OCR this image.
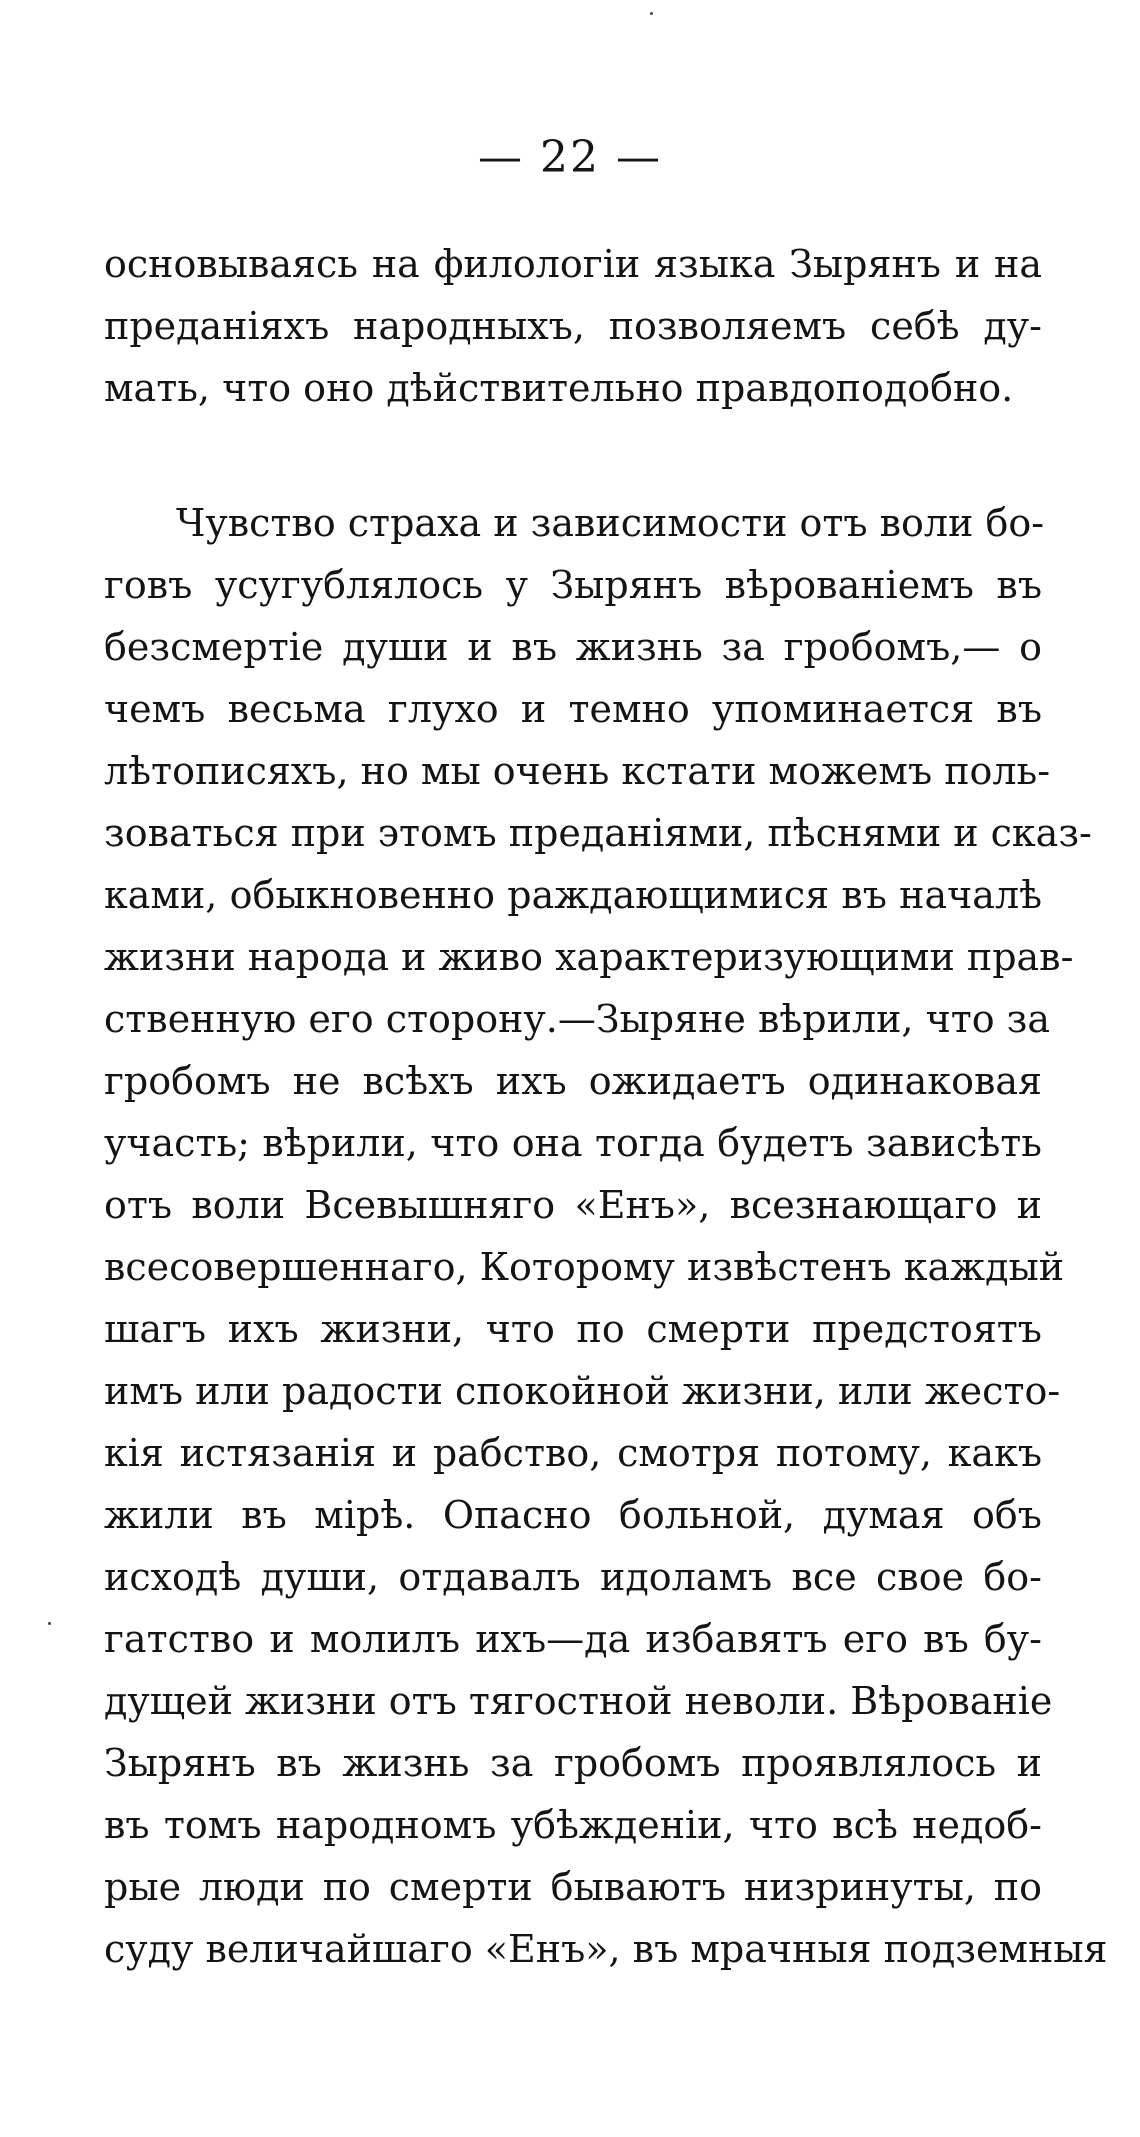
— 22 —
основываясь на филологіи языка Зырянъ и на
преданіяхъ народныхъ, позволяемъ себѣ ду-
мать, что оно дѣйствительно правдоподобно.
Чувство страха и зависимости отъ воли бо-
говъ усугублялось у Зырянъ вѣрованіемъ въ
безсмертіе души и въ жизнь за гробомъ,— о
чемъ весьма глухо и темно упоминается въ
лѣтописяхъ, но мы очень кстати можемъ поль-
зоваться при этомъ преданіями, пѣснями и сказ-
ками, обыкновенно раждающимися въ началѣ
жизни народа и живо характеризующими прав-
ственную его сторону.—Зыряне вѣрили, что за
гробомъ не всѣхъ ихъ ожидаетъ одинаковая
участь; вѣрили, что она тогда будетъ зависѣть
отъ воли Всевышняго «Енъ», всезнающаго и
всесовершеннаго, Которому извѣстенъ каждый
шагъ ихъ жизни, что по смерти предстоятъ
имъ или радости спокойной жизни, или жесто-
кія истязанія и рабство, смотря потому, какъ
жили въ мірѣ. Опасно больной, думая объ
исходѣ души, отдавалъ идоламъ все свое бо-
гатство и молилъ ихъ—да избавятъ его въ бу-
дущей жизни отъ тягостной неволи. Вѣрованіе
Зырянъ въ жизнь за гробомъ проявлялось и
въ томъ народномъ убѣжденіи, что всѣ недоб-
рые люди по смерти бываютъ низринуты, по
суду величайшаго «Енъ», въ мрачныя подземныя
